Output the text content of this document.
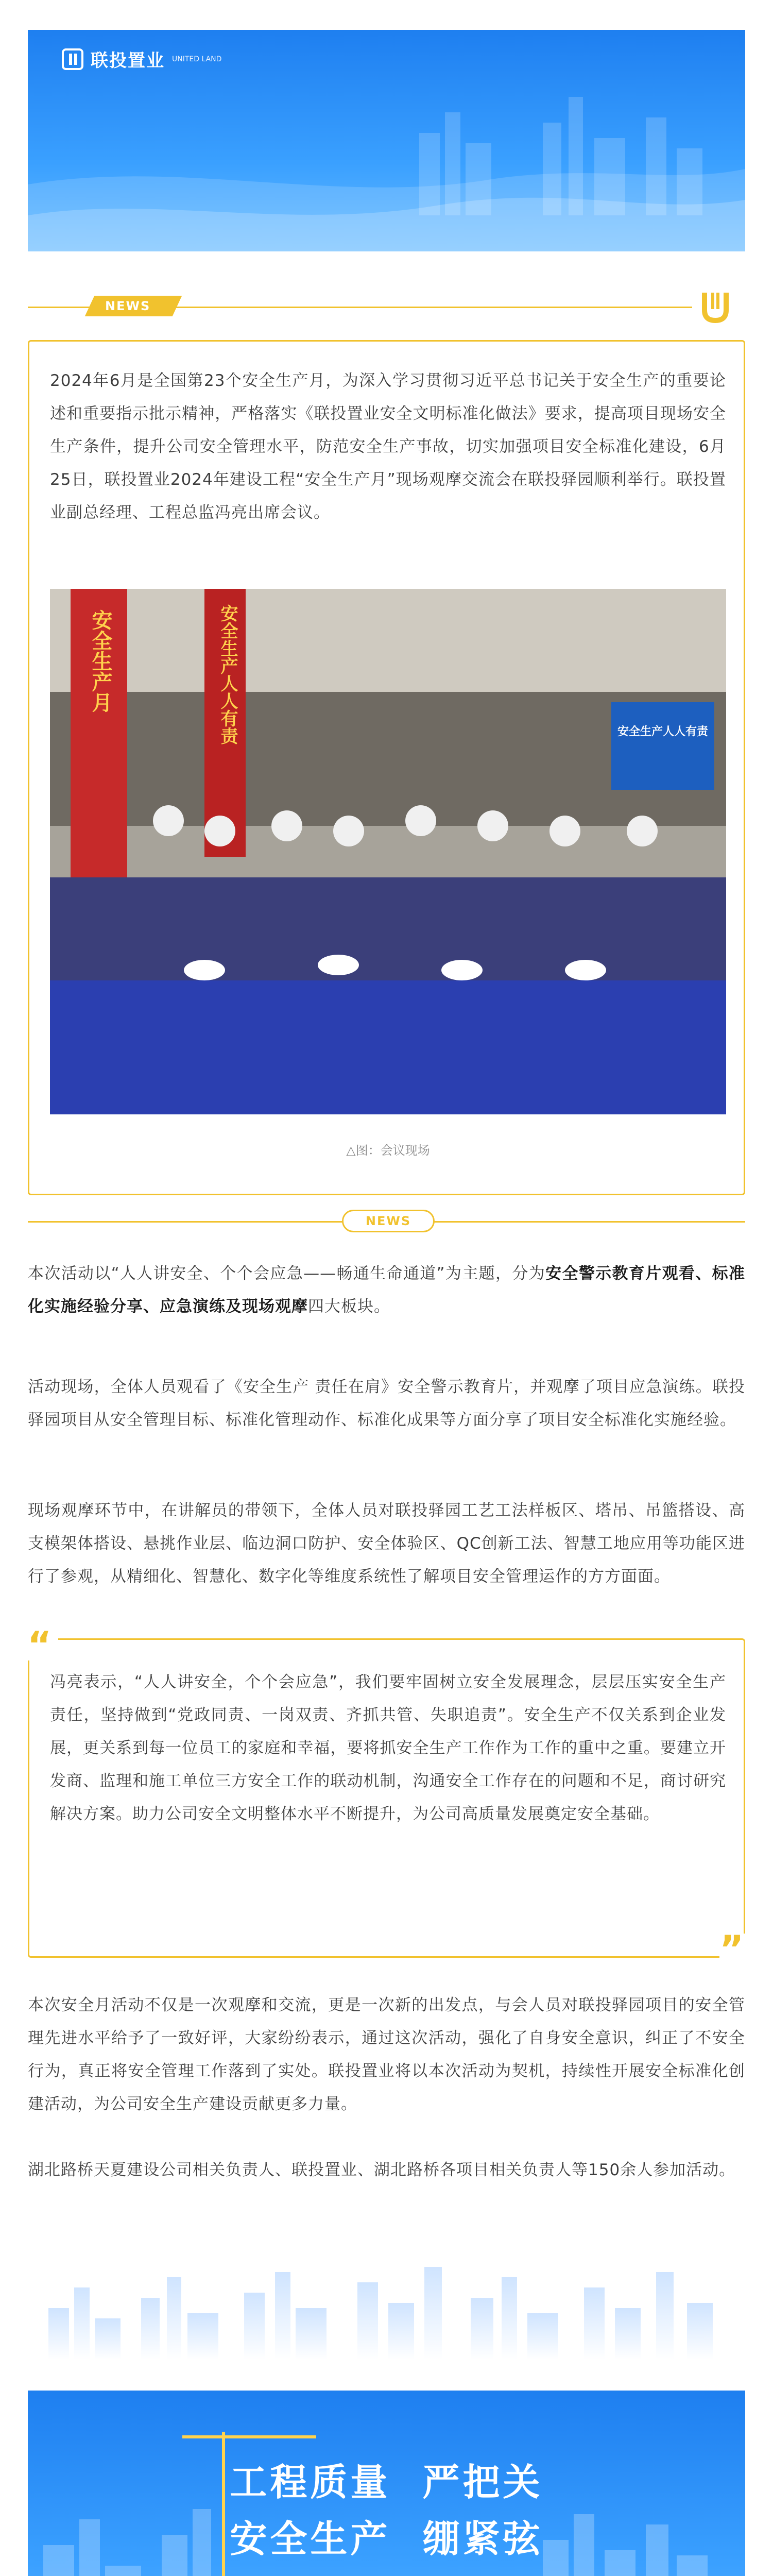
联投置业 UNITED LAND
NEWS

2024年6月是全国第23个安全生产月，为深入学习贯彻习近平总书记关于安全生产的重要论述和重要指示批示精神，严格落实《联投置业安全文明标准化做法》要求，提高项目现场安全生产条件，提升公司安全管理水平，防范安全生产事故，切实加强项目安全标准化建设，6月25日，联投置业2024年建设工程“安全生产月”现场观摩交流会在联投驿园顺利举行。联投置业副总经理、工程总监冯亮出席会议。

安全生产月	安全生产人人有责	安全生产人人有责

△图：会议现场

NEWS

本次活动以“人人讲安全、个个会应急——畅通生命通道”为主题，分为安全警示教育片观看、标准化实施经验分享、应急演练及现场观摩四大板块。

活动现场，全体人员观看了《安全生产 责任在肩》安全警示教育片，并观摩了项目应急演练。联投驿园项目从安全管理目标、标准化管理动作、标准化成果等方面分享了项目安全标准化实施经验。

现场观摩环节中，在讲解员的带领下，全体人员对联投驿园工艺工法样板区、塔吊、吊篮搭设、高支模架体搭设、悬挑作业层、临边洞口防护、安全体验区、QC创新工法、智慧工地应用等功能区进行了参观，从精细化、智慧化、数字化等维度系统性了解项目安全管理运作的方方面面。

“

冯亮表示，“人人讲安全，个个会应急”，我们要牢固树立安全发展理念，层层压实安全生产责任，坚持做到“党政同责、一岗双责、齐抓共管、失职追责”。安全生产不仅关系到企业发展，更关系到每一位员工的家庭和幸福，要将抓安全生产工作作为工作的重中之重。要建立开发商、监理和施工单位三方安全工作的联动机制，沟通安全工作存在的问题和不足，商讨研究解决方案。助力公司安全文明整体水平不断提升，为公司高质量发展奠定安全基础。

”

本次安全月活动不仅是一次观摩和交流，更是一次新的出发点，与会人员对联投驿园项目的安全管理先进水平给予了一致好评，大家纷纷表示，通过这次活动，强化了自身安全意识，纠正了不安全行为，真正将安全管理工作落到了实处。联投置业将以本次活动为契机，持续性开展安全标准化创建活动，为公司安全生产建设贡献更多力量。

湖北路桥天夏建设公司相关负责人、联投置业、湖北路桥各项目相关负责人等150余人参加活动。

工程质量  严把关

安全生产  绷紧弦
